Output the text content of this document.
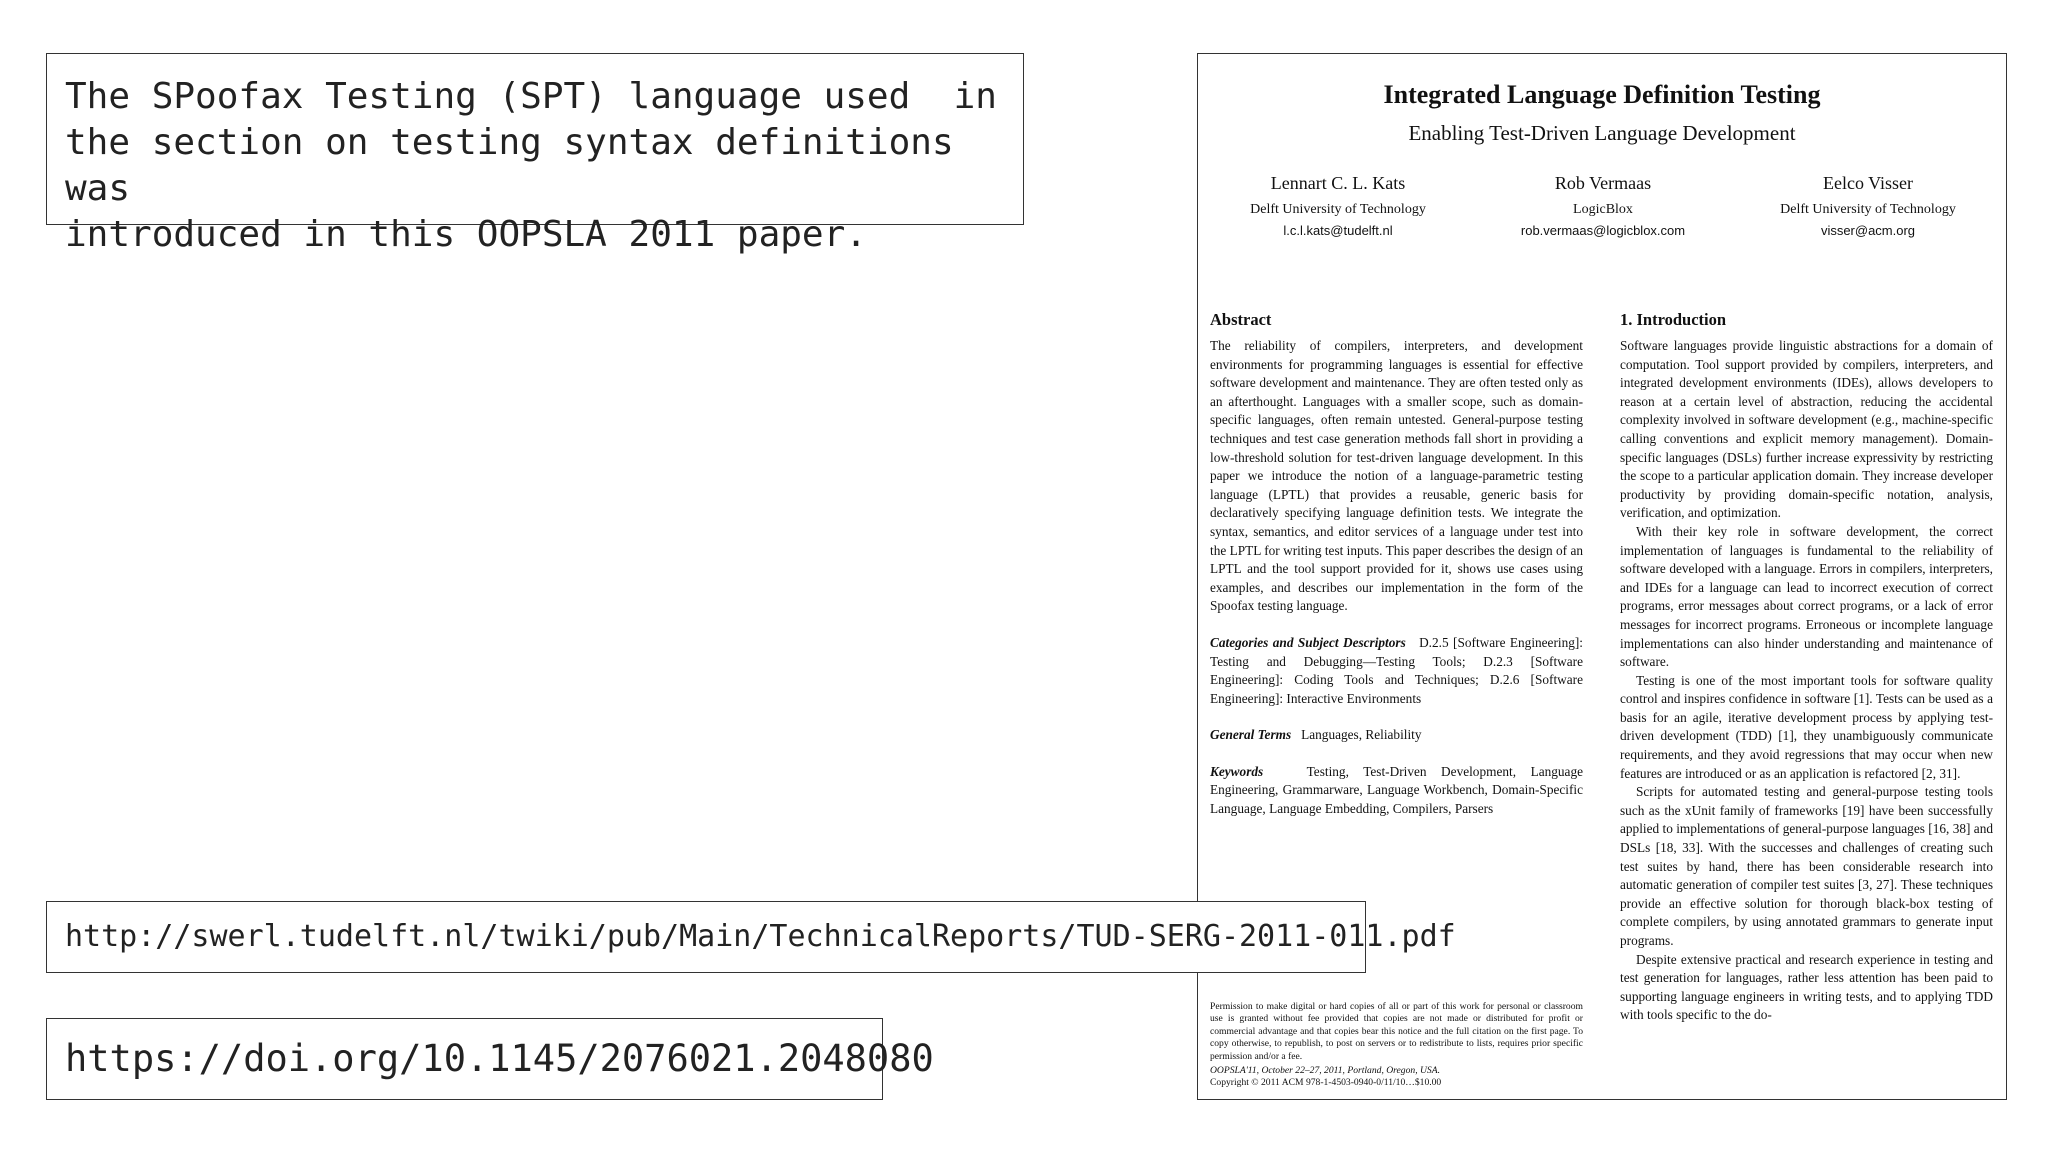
The SPoofax Testing (SPT) language used  in
the section on testing syntax definitions was
introduced in this OOPSLA 2011 paper.
Integrated Language Definition Testing
Enabling Test-Driven Language Development
Lennart C. L. Kats
Delft University of Technology
l.c.l.kats@tudelft.nl
Rob Vermaas
LogicBlox
rob.vermaas@logicblox.com
Eelco Visser
Delft University of Technology
visser@acm.org
Abstract

The reliability of compilers, interpreters, and development environments for programming languages is essential for effective software development and maintenance. They are often tested only as an afterthought. Languages with a smaller scope, such as domain-specific languages, often remain untested. General-purpose testing techniques and test case generation methods fall short in providing a low-threshold solution for test-driven language development. In this paper we introduce the notion of a language-parametric testing language (LPTL) that provides a reusable, generic basis for declaratively specifying language definition tests. We integrate the syntax, semantics, and editor services of a language under test into the LPTL for writing test inputs. This paper describes the design of an LPTL and the tool support provided for it, shows use cases using examples, and describes our implementation in the form of the Spoofax testing language.

Categories and Subject Descriptors D.2.5 [Software Engineering]: Testing and Debugging—Testing Tools; D.2.3 [Software Engineering]: Coding Tools and Techniques; D.2.6 [Software Engineering]: Interactive Environments

General Terms Languages, Reliability

Keywords	Testing, Test-Driven Development, Language Engineering, Grammarware, Language Workbench, Domain-Specific Language, Language Embedding, Compilers, Parsers

Permission to make digital or hard copies of all or part of this work for personal or classroom use is granted without fee provided that copies are not made or distributed for profit or commercial advantage and that copies bear this notice and the full citation on the first page. To copy otherwise, to republish, to post on servers or to redistribute to lists, requires prior specific permission and/or a fee.
OOPSLA'11, October 22–27, 2011, Portland, Oregon, USA.
Copyright © 2011 ACM 978-1-4503-0940-0/11/10…$10.00
1. Introduction

Software languages provide linguistic abstractions for a domain of computation. Tool support provided by compilers, interpreters, and integrated development environments (IDEs), allows developers to reason at a certain level of abstraction, reducing the accidental complexity involved in software development (e.g., machine-specific calling conventions and explicit memory management). Domain-specific languages (DSLs) further increase expressivity by restricting the scope to a particular application domain. They increase developer productivity by providing domain-specific notation, analysis, verification, and optimization.

With their key role in software development, the correct implementation of languages is fundamental to the reliability of software developed with a language. Errors in compilers, interpreters, and IDEs for a language can lead to incorrect execution of correct programs, error messages about correct programs, or a lack of error messages for incorrect programs. Erroneous or incomplete language implementations can also hinder understanding and maintenance of software.

Testing is one of the most important tools for software quality control and inspires confidence in software [1]. Tests can be used as a basis for an agile, iterative development process by applying test-driven development (TDD) [1], they unambiguously communicate requirements, and they avoid regressions that may occur when new features are introduced or as an application is refactored [2, 31].

Scripts for automated testing and general-purpose testing tools such as the xUnit family of frameworks [19] have been successfully applied to implementations of general-purpose languages [16, 38] and DSLs [18, 33]. With the successes and challenges of creating such test suites by hand, there has been considerable research into automatic generation of compiler test suites [3, 27]. These techniques provide an effective solution for thorough black-box testing of complete compilers, by using annotated grammars to generate input programs.

Despite extensive practical and research experience in testing and test generation for languages, rather less attention has been paid to supporting language engineers in writing tests, and to applying TDD with tools specific to the do-

http://swerl.tudelft.nl/twiki/pub/Main/TechnicalReports/TUD-SERG-2011-011.pdf
https://doi.org/10.1145/2076021.2048080
